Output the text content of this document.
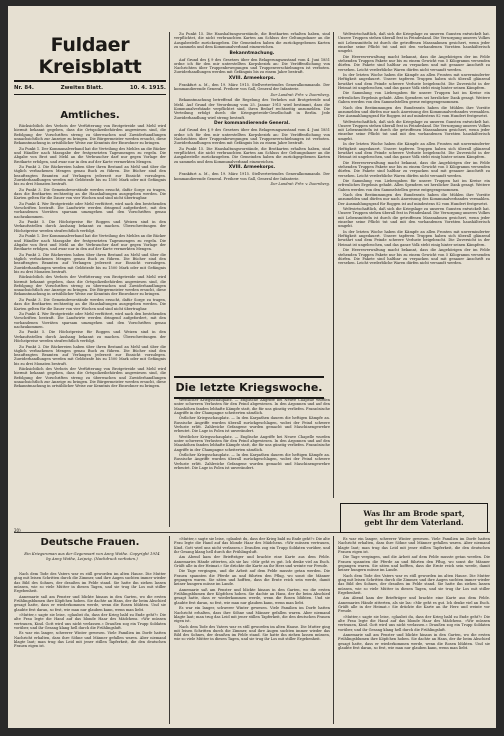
Fuldaer Kreisblatt
Nr. 84.	Zweites Blatt.	10. 4. 1915.
Amtliches.

Rücksichtlich des Verbots der Verfütterung von Brotgetreide und Mehl wird hiermit bekannt gegeben, dass die Ortspolizeibehörden angewiesen sind, die Befolgung der Vorschriften streng zu überwachen und Zuwiderhandlungen unnachsichtlich zur Anzeige zu bringen. Die Bürgermeister werden ersucht, diese Bekanntmachung in ortsüblicher Weise zur Kenntnis der Einwohner zu bringen.

Zu Punkt 1. Der Kommunalverband hat die Verteilung des Mehles an die Bäcker und Händler nach Massgabe der festgesetzten Tagesmengen zu regeln. Die Abgabe von Brot und Mehl an die Verbraucher darf nur gegen Vorlage der Brotkarte erfolgen, und zwar nur in den auf der Karte vermerkten Mengen.

Zu Punkt 2. Die Bäckereien haben über ihren Bestand an Mehl und über die täglich verbackenen Mengen genau Buch zu führen. Die Bücher sind den beauftragten Beamten auf Verlangen jederzeit zur Einsicht vorzulegen. Zuwiderhandlungen werden mit Geldstrafe bis zu 1500 Mark oder mit Gefängnis bis zu drei Monaten bestraft.

Zu Punkt 3. Die Gemeindevorstände werden ersucht, dafür Sorge zu tragen, dass die Brotkarten rechtzeitig an die Haushaltungen ausgegeben werden. Die Karten gelten für die Dauer von vier Wochen und sind nicht übertragbar.

Zu Punkt 4. Wer Brotgetreide oder Mehl verfüttert, wird nach den bestehenden Vorschriften bestraft. Die Landwirte werden dringend aufgefordert, mit den vorhandenen Vorräten sparsam umzugehen und den Vorschriften genau nachzukommen.

Zu Punkt 5. Die Höchstpreise für Roggen und Weizen sind in den Verkaufsstellen durch Aushang bekannt zu machen. Überschreitungen der Höchstpreise werden strafrechtlich verfolgt.

Zu Punkt 1. Der Kommunalverband hat die Verteilung des Mehles an die Bäcker und Händler nach Massgabe der festgesetzten Tagesmengen zu regeln. Die Abgabe von Brot und Mehl an die Verbraucher darf nur gegen Vorlage der Brotkarte erfolgen, und zwar nur in den auf der Karte vermerkten Mengen.

Zu Punkt 2. Die Bäckereien haben über ihren Bestand an Mehl und über die täglich verbackenen Mengen genau Buch zu führen. Die Bücher sind den beauftragten Beamten auf Verlangen jederzeit zur Einsicht vorzulegen. Zuwiderhandlungen werden mit Geldstrafe bis zu 1500 Mark oder mit Gefängnis bis zu drei Monaten bestraft.

Rücksichtlich des Verbots der Verfütterung von Brotgetreide und Mehl wird hiermit bekannt gegeben, dass die Ortspolizeibehörden angewiesen sind, die Befolgung der Vorschriften streng zu überwachen und Zuwiderhandlungen unnachsichtlich zur Anzeige zu bringen. Die Bürgermeister werden ersucht, diese Bekanntmachung in ortsüblicher Weise zur Kenntnis der Einwohner zu bringen.

Zu Punkt 3. Die Gemeindevorstände werden ersucht, dafür Sorge zu tragen, dass die Brotkarten rechtzeitig an die Haushaltungen ausgegeben werden. Die Karten gelten für die Dauer von vier Wochen und sind nicht übertragbar.

Zu Punkt 4. Wer Brotgetreide oder Mehl verfüttert, wird nach den bestehenden Vorschriften bestraft. Die Landwirte werden dringend aufgefordert, mit den vorhandenen Vorräten sparsam umzugehen und den Vorschriften genau nachzukommen.

Zu Punkt 5. Die Höchstpreise für Roggen und Weizen sind in den Verkaufsstellen durch Aushang bekannt zu machen. Überschreitungen der Höchstpreise werden strafrechtlich verfolgt.

Zu Punkt 2. Die Bäckereien haben über ihren Bestand an Mehl und über die täglich verbackenen Mengen genau Buch zu führen. Die Bücher sind den beauftragten Beamten auf Verlangen jederzeit zur Einsicht vorzulegen. Zuwiderhandlungen werden mit Geldstrafe bis zu 1500 Mark oder mit Gefängnis bis zu drei Monaten bestraft.

Rücksichtlich des Verbots der Verfütterung von Brotgetreide und Mehl wird hiermit bekannt gegeben, dass die Ortspolizeibehörden angewiesen sind, die Befolgung der Vorschriften streng zu überwachen und Zuwiderhandlungen unnachsichtlich zur Anzeige zu bringen. Die Bürgermeister werden ersucht, diese Bekanntmachung in ortsüblicher Weise zur Kenntnis der Einwohner zu bringen.

Zu Punkt 15. Die Haushaltungsvorstände, die Brotkarten erhalten haben, sind verpflichtet, die nicht verbrauchten Karten am Schluss der Geltungsdauer an die Ausgabestelle zurückzugeben. Die Gemeinden haben die zurückgegebenen Karten zu sammeln und dem Kommunalverband einzureichen.

Bekanntmachung.

Auf Grund des § 9 des Gesetzes über den Belagerungszustand vom 4. Juni 1851 ordne ich für den mir unterstellten Korpsbezirk an: Die Veröffentlichung von Nachrichten über Truppenbewegungen und Truppenverschiebungen ist verboten. Zuwiderhandlungen werden mit Gefängnis bis zu einem Jahre bestraft.

XVIII. Armeekorps.

Frankfurt a. M., den 19. März 1915. Stellvertretendes Generalkommando. Der kommandierende General. Freiherr von Gall, General der Infanterie.

Der Landrat: Frhr. v. Doernberg.

Bekanntmachung betreffend die Regelung des Verkehrs mit Brotgetreide und Mehl. Auf Grund der Verordnung vom 25. Januar 1915 wird bestimmt, dass die Kommunalverbände verpflichtet sind, ihren Bedarf rechtzeitig anzumelden. Die Verteilung erfolgt durch die Kriegsgetreide-Gesellschaft in Berlin. Jede Zuwiderhandlung wird streng bestraft.

Der kommandierende General.

Auf Grund des § 9 des Gesetzes über den Belagerungszustand vom 4. Juni 1851 ordne ich für den mir unterstellten Korpsbezirk an: Die Veröffentlichung von Nachrichten über Truppenbewegungen und Truppenverschiebungen ist verboten. Zuwiderhandlungen werden mit Gefängnis bis zu einem Jahre bestraft.

Zu Punkt 15. Die Haushaltungsvorstände, die Brotkarten erhalten haben, sind verpflichtet, die nicht verbrauchten Karten am Schluss der Geltungsdauer an die Ausgabestelle zurückzugeben. Die Gemeinden haben die zurückgegebenen Karten zu sammeln und dem Kommunalverband einzureichen.

XVIII. Armeekorps.

Frankfurt a. M., den 19. März 1915. Stellvertretendes Generalkommando. Der kommandierende General. Freiherr von Gall, General der Infanterie.

Der Landrat: Frhr. v. Doernberg.

Die letzte Kriegswoche.

Westlicher Kriegsschauplatz. — Englische Angriffe bei Neuve Chapelle wurden unter schweren Verlusten für den Feind abgewiesen. In den Argonnen und auf den Maashöhen fanden lebhafte Kämpfe statt, die für uns günstig verliefen. Französische Angriffe in der Champagne scheiterten sämtlich.

Östlicher Kriegsschauplatz. — In den Karpathen dauern die heftigen Kämpfe an. Russische Angriffe wurden überall zurückgeschlagen, wobei der Feind schwere Verluste erlitt. Zahlreiche Gefangene wurden gemacht und Maschinengewehre erbeutet. Die Lage in Polen ist unverändert.

Westlicher Kriegsschauplatz. — Englische Angriffe bei Neuve Chapelle wurden unter schweren Verlusten für den Feind abgewiesen. In den Argonnen und auf den Maashöhen fanden lebhafte Kämpfe statt, die für uns günstig verliefen. Französische Angriffe in der Champagne scheiterten sämtlich.

Östlicher Kriegsschauplatz. — In den Karpathen dauern die heftigen Kämpfe an. Russische Angriffe wurden überall zurückgeschlagen, wobei der Feind schwere Verluste erlitt. Zahlreiche Gefangene wurden gemacht und Maschinengewehre erbeutet. Die Lage in Polen ist unverändert.

Weltwirtschaftlich, daß sich die Kriegslage zu unseren Gunsten entwickelt hat. Unsere Truppen stehen überall fest in Feindesland. Die Versorgung unseres Volkes mit Lebensmitteln ist durch die getroffenen Massnahmen gesichert, wenn jeder einzelne seine Pflicht tut und mit den vorhandenen Vorräten haushälterisch umgeht.

Die Heeresverwaltung macht bekannt, dass die Angehörigen der im Felde stehenden Truppen Pakete nur bis zu einem Gewicht von 5 Kilogramm versenden dürfen. Die Pakete sind haltbar zu verpacken und mit genauer Anschrift zu versehen. Leicht verderbliche Waren dürfen nicht versandt werden.

In der letzten Woche haben die Kämpfe an allen Fronten mit unverminderter Heftigkeit angedauert. Unsere tapferen Truppen haben sich überall glänzend bewährt und dem Feinde schwere Verluste beigebracht. Die Zuversicht in der Heimat ist ungebrochen, und das ganze Volk steht einig hinter seinen Kämpfern.

Die Sammlung von Liebesgaben für unsere Truppen hat im Kreise ein erfreuliches Ergebnis gehabt. Allen Spendern sei herzlicher Dank gesagt. Weitere Gaben werden von den Sammelstellen gerne entgegengenommen.

Nach den Bestimmungen des Bundesrats haben die Mühlen ihre Vorräte anzumelden und dürfen nur nach Anweisung des Kommunalverbandes vermahlen. Der Ausmahlungsgrad für Roggen ist auf mindestens 82 vom Hundert festgesetzt.

Weltwirtschaftlich, daß sich die Kriegslage zu unseren Gunsten entwickelt hat. Unsere Truppen stehen überall fest in Feindesland. Die Versorgung unseres Volkes mit Lebensmitteln ist durch die getroffenen Massnahmen gesichert, wenn jeder einzelne seine Pflicht tut und mit den vorhandenen Vorräten haushälterisch umgeht.

In der letzten Woche haben die Kämpfe an allen Fronten mit unverminderter Heftigkeit angedauert. Unsere tapferen Truppen haben sich überall glänzend bewährt und dem Feinde schwere Verluste beigebracht. Die Zuversicht in der Heimat ist ungebrochen, und das ganze Volk steht einig hinter seinen Kämpfern.

Die Heeresverwaltung macht bekannt, dass die Angehörigen der im Felde stehenden Truppen Pakete nur bis zu einem Gewicht von 5 Kilogramm versenden dürfen. Die Pakete sind haltbar zu verpacken und mit genauer Anschrift zu versehen. Leicht verderbliche Waren dürfen nicht versandt werden.

Die Sammlung von Liebesgaben für unsere Truppen hat im Kreise ein erfreuliches Ergebnis gehabt. Allen Spendern sei herzlicher Dank gesagt. Weitere Gaben werden von den Sammelstellen gerne entgegengenommen.

Nach den Bestimmungen des Bundesrats haben die Mühlen ihre Vorräte anzumelden und dürfen nur nach Anweisung des Kommunalverbandes vermahlen. Der Ausmahlungsgrad für Roggen ist auf mindestens 82 vom Hundert festgesetzt.

Weltwirtschaftlich, daß sich die Kriegslage zu unseren Gunsten entwickelt hat. Unsere Truppen stehen überall fest in Feindesland. Die Versorgung unseres Volkes mit Lebensmitteln ist durch die getroffenen Massnahmen gesichert, wenn jeder einzelne seine Pflicht tut und mit den vorhandenen Vorräten haushälterisch umgeht.

In der letzten Woche haben die Kämpfe an allen Fronten mit unverminderter Heftigkeit angedauert. Unsere tapferen Truppen haben sich überall glänzend bewährt und dem Feinde schwere Verluste beigebracht. Die Zuversicht in der Heimat ist ungebrochen, und das ganze Volk steht einig hinter seinen Kämpfern.

Die Heeresverwaltung macht bekannt, dass die Angehörigen der im Felde stehenden Truppen Pakete nur bis zu einem Gewicht von 5 Kilogramm versenden dürfen. Die Pakete sind haltbar zu verpacken und mit genauer Anschrift zu versehen. Leicht verderbliche Waren dürfen nicht versandt werden.

Was Ihr am Brode spart,
gebt Ihr dem Vaterland.
20)
Deutsche Frauen.
Ein Kriegsroman aus der Gegenwart von Anny Wothe. Copyright 1914 by Anny Wothe, Leipzig. (Nachdruck verboten.)

Nach dem Tode des Vaters war es still geworden im alten Hause. Die Mutter ging mit leisen Schritten durch die Zimmer, und ihre Augen suchten immer wieder das Bild des Sohnes, der draußen im Felde stand. Sie hatte ihn ziehen lassen müssen, wie so viele Mütter in diesen Tagen, und sie trug ihr Los mit stiller Ergebenheit.

Annemarie saß am Fenster und blickte hinaus in den Garten, wo die ersten Frühlingsblumen ihre Köpfchen hoben. Sie dachte an Hans, der ihr beim Abschied gesagt hatte, dass er wiederkommen werde, wenn die Rosen blühten. Und sie glaubte fest daran, so fest, wie man nur glauben kann, wenn man liebt.

»Mutter,« sagte sie leise, »glaubst du, dass der Krieg bald zu Ende geht?« Die alte Frau legte die Hand auf das blonde Haar des Mädchens. »Wir müssen vertrauen, Kind. Gott wird uns nicht verlassen.« Draußen zog ein Trupp Soldaten vorüber, und ihr Gesang klang hell durch die Frühlingsluft.

Es war ein langer, schwerer Winter gewesen. Viele Familien im Dorfe hatten Nachricht erhalten, dass ihre Söhne und Männer gefallen waren. Aber niemand klagte laut; man trug das Leid mit jener stillen Tapferkeit, die den deutschen Frauen eigen ist.

»Mutter,« sagte sie leise, »glaubst du, dass der Krieg bald zu Ende geht?« Die alte Frau legte die Hand auf das blonde Haar des Mädchens. »Wir müssen vertrauen, Kind. Gott wird uns nicht verlassen.« Draußen zog ein Trupp Soldaten vorüber, und ihr Gesang klang hell durch die Frühlingsluft.

Am Abend kam der Briefträger und brachte eine Karte aus dem Felde. Annemaries Hände zitterten, als sie las: »Mir geht es gut. Ich denke viel an Euch. Grüßt alle in der Heimat.« Sie drückte die Karte an ihr Herz und weinte vor Freude.

Die Tage vergingen, und die Arbeit auf dem Felde musste getan werden. Die Frauen spannten die Pferde an und führten den Pflug, wo sonst die Männer gegangen waren. Sie säten und hofften, dass die Ernte reich sein werde, damit keiner hungern müsse im Lande.

Annemarie saß am Fenster und blickte hinaus in den Garten, wo die ersten Frühlingsblumen ihre Köpfchen hoben. Sie dachte an Hans, der ihr beim Abschied gesagt hatte, dass er wiederkommen werde, wenn die Rosen blühten. Und sie glaubte fest daran, so fest, wie man nur glauben kann, wenn man liebt.

Es war ein langer, schwerer Winter gewesen. Viele Familien im Dorfe hatten Nachricht erhalten, dass ihre Söhne und Männer gefallen waren. Aber niemand klagte laut; man trug das Leid mit jener stillen Tapferkeit, die den deutschen Frauen eigen ist.

Nach dem Tode des Vaters war es still geworden im alten Hause. Die Mutter ging mit leisen Schritten durch die Zimmer, und ihre Augen suchten immer wieder das Bild des Sohnes, der draußen im Felde stand. Sie hatte ihn ziehen lassen müssen, wie so viele Mütter in diesen Tagen, und sie trug ihr Los mit stiller Ergebenheit.

Es war ein langer, schwerer Winter gewesen. Viele Familien im Dorfe hatten Nachricht erhalten, dass ihre Söhne und Männer gefallen waren. Aber niemand klagte laut; man trug das Leid mit jener stillen Tapferkeit, die den deutschen Frauen eigen ist.

Die Tage vergingen, und die Arbeit auf dem Felde musste getan werden. Die Frauen spannten die Pferde an und führten den Pflug, wo sonst die Männer gegangen waren. Sie säten und hofften, dass die Ernte reich sein werde, damit keiner hungern müsse im Lande.

Nach dem Tode des Vaters war es still geworden im alten Hause. Die Mutter ging mit leisen Schritten durch die Zimmer, und ihre Augen suchten immer wieder das Bild des Sohnes, der draußen im Felde stand. Sie hatte ihn ziehen lassen müssen, wie so viele Mütter in diesen Tagen, und sie trug ihr Los mit stiller Ergebenheit.

Am Abend kam der Briefträger und brachte eine Karte aus dem Felde. Annemaries Hände zitterten, als sie las: »Mir geht es gut. Ich denke viel an Euch. Grüßt alle in der Heimat.« Sie drückte die Karte an ihr Herz und weinte vor Freude.

»Mutter,« sagte sie leise, »glaubst du, dass der Krieg bald zu Ende geht?« Die alte Frau legte die Hand auf das blonde Haar des Mädchens. »Wir müssen vertrauen, Kind. Gott wird uns nicht verlassen.« Draußen zog ein Trupp Soldaten vorüber, und ihr Gesang klang hell durch die Frühlingsluft.

Annemarie saß am Fenster und blickte hinaus in den Garten, wo die ersten Frühlingsblumen ihre Köpfchen hoben. Sie dachte an Hans, der ihr beim Abschied gesagt hatte, dass er wiederkommen werde, wenn die Rosen blühten. Und sie glaubte fest daran, so fest, wie man nur glauben kann, wenn man liebt.
